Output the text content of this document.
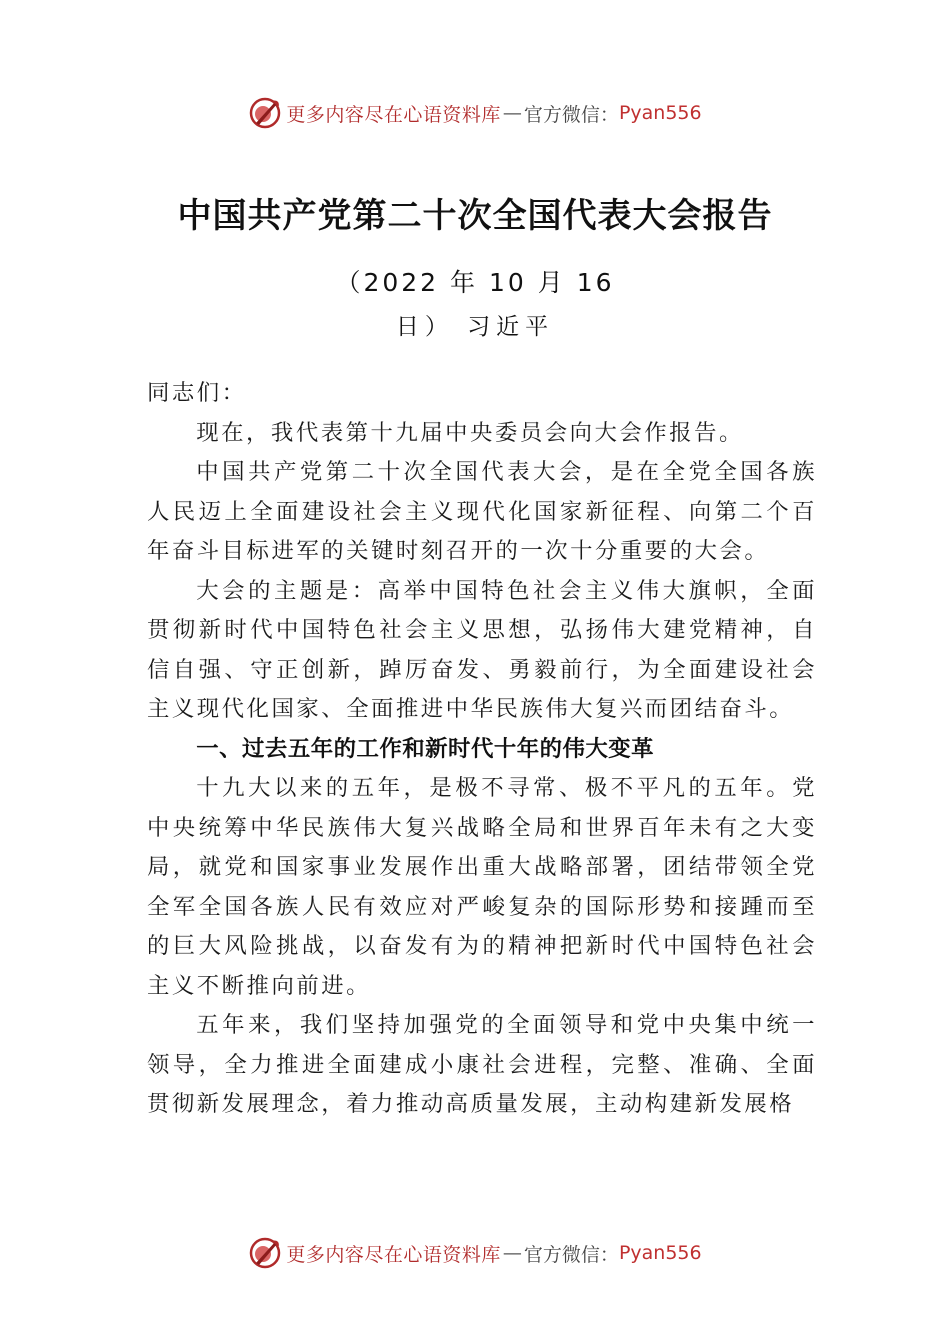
更多内容尽在心语资料库 — 官方微信： Pyan556
中国共产党第二十次全国代表大会报告
（2022 年 10 月 16
日） 习近平

同志们：

现在，我代表第十九届中央委员会向大会作报告。

中国共产党第二十次全国代表大会，是在全党全国各族人民迈上全面建设社会主义现代化国家新征程、向第二个百年奋斗目标进军的关键时刻召开的一次十分重要的大会。

大会的主题是：高举中国特色社会主义伟大旗帜，全面贯彻新时代中国特色社会主义思想，弘扬伟大建党精神，自信自强、守正创新，踔厉奋发、勇毅前行，为全面建设社会主义现代化国家、全面推进中华民族伟大复兴而团结奋斗。

一、过去五年的工作和新时代十年的伟大变革

十九大以来的五年，是极不寻常、极不平凡的五年。党中央统筹中华民族伟大复兴战略全局和世界百年未有之大变局，就党和国家事业发展作出重大战略部署，团结带领全党全军全国各族人民有效应对严峻复杂的国际形势和接踵而至的巨大风险挑战，以奋发有为的精神把新时代中国特色社会主义不断推向前进。

五年来，我们坚持加强党的全面领导和党中央集中统一领导，全力推进全面建成小康社会进程，完整、准确、全面贯彻新发展理念，着力推动高质量发展，主动构建新发展格

更多内容尽在心语资料库 — 官方微信： Pyan556
